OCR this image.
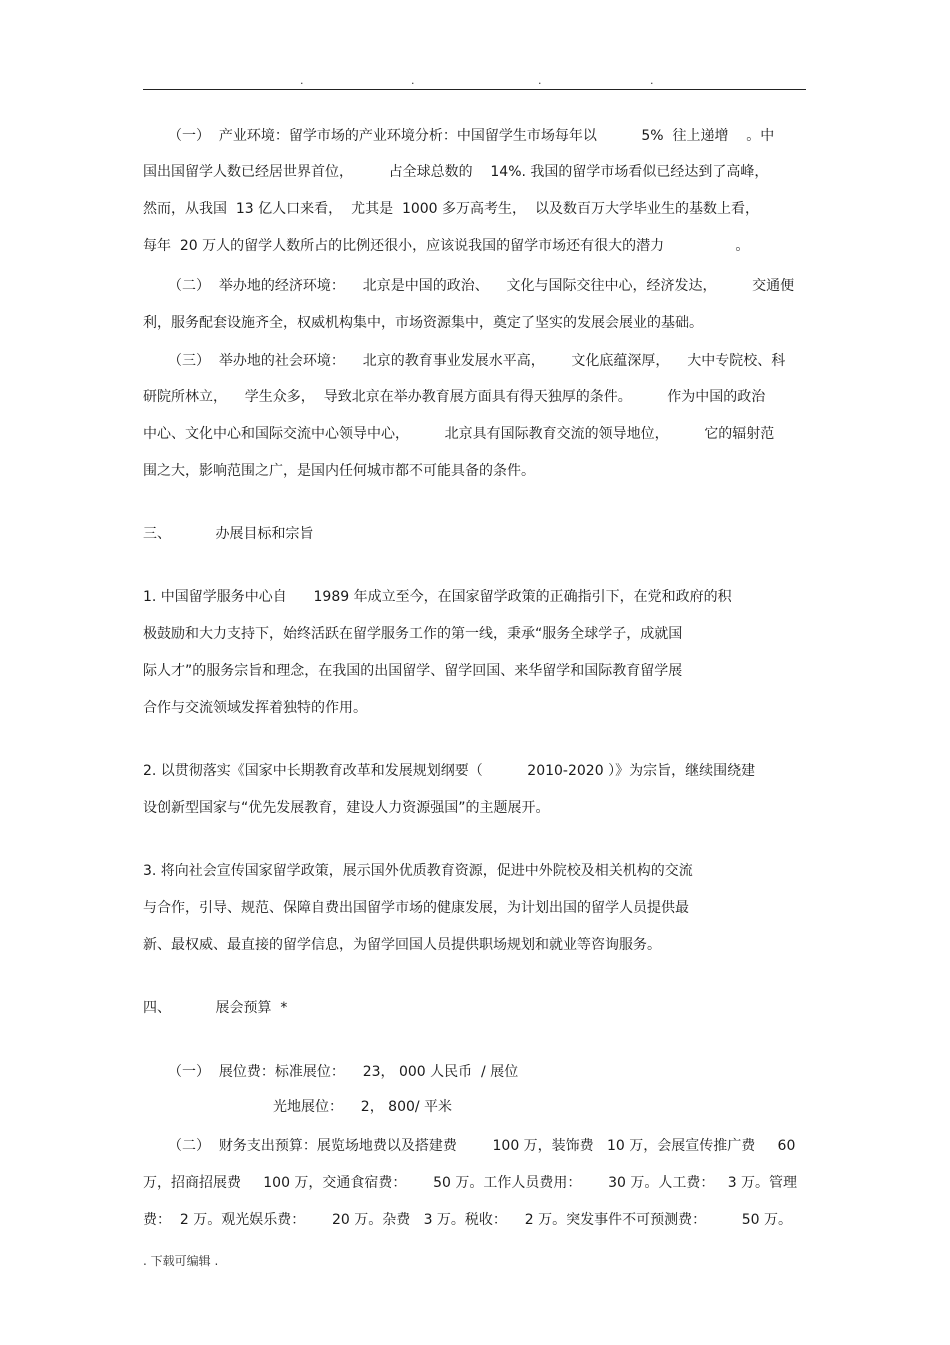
.	.	.	.
（一）  产业环境：留学市场的产业环境分析：中国留学生市场每年以          5%  往上递增    。中
国出国留学人数已经居世界首位，        占全球总数的    14%. 我国的留学市场看似已经达到了高峰，
然而，从我国  13 亿人口来看，  尤其是  1000 多万高考生，  以及数百万大学毕业生的基数上看，
每年  20 万人的留学人数所占的比例还很小，应该说我国的留学市场还有很大的潜力                。
（二）  举办地的经济环境：    北京是中国的政治、    文化与国际交往中心，经济发达，        交通便
利，服务配套设施齐全，权威机构集中，市场资源集中，奠定了坚实的发展会展业的基础。
（三）  举办地的社会环境：    北京的教育事业发展水平高，      文化底蕴深厚，    大中专院校、科
研院所林立，    学生众多，  导致北京在举办教育展方面具有得天独厚的条件。        作为中国的政治
中心、文化中心和国际交流中心领导中心，        北京具有国际教育交流的领导地位，        它的辐射范
围之大，影响范围之广，是国内任何城市都不可能具备的条件。
三、          办展目标和宗旨
1. 中国留学服务中心自      1989 年成立至今，在国家留学政策的正确指引下，在党和政府的积
极鼓励和大力支持下，始终活跃在留学服务工作的第一线，秉承“服务全球学子，成就国
际人才”的服务宗旨和理念，在我国的出国留学、留学回国、来华留学和国际教育留学展
合作与交流领域发挥着独特的作用。
2. 以贯彻落实《国家中长期教育改革和发展规划纲要（          2010-2020 ）》为宗旨，继续围绕建
设创新型国家与“优先发展教育，建设人力资源强国”的主题展开。
3. 将向社会宣传国家留学政策，展示国外优质教育资源，促进中外院校及相关机构的交流
与合作，引导、规范、保障自费出国留学市场的健康发展，为计划出国的留学人员提供最
新、最权威、最直接的留学信息，为留学回国人员提供职场规划和就业等咨询服务。
四、          展会预算  *
（一）  展位费：标准展位：    23， 000 人民币  / 展位
光地展位：    2， 800/ 平米
（二）  财务支出预算：展览场地费以及搭建费        100 万，装饰费   10 万，会展宣传推广费     60
万，招商招展费     100 万，交通食宿费：      50 万。工作人员费用：      30 万。人工费：   3 万。管理
费：  2 万。观光娱乐费：      20 万。杂费   3 万。税收：    2 万。突发事件不可预测费：        50 万。
. 下载可编辑 .
